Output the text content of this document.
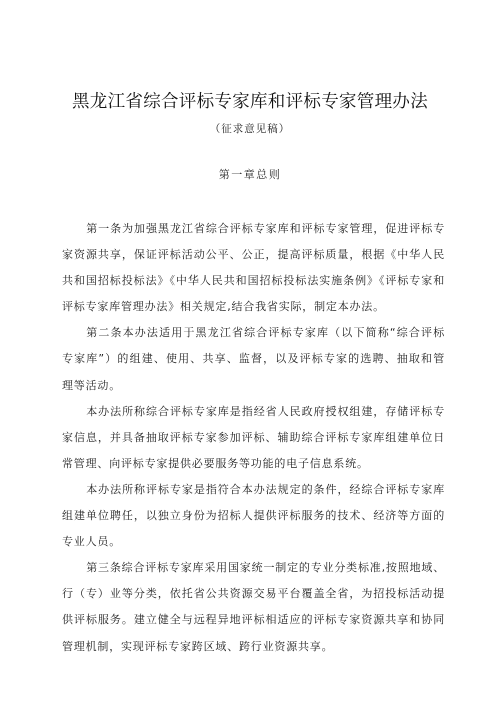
黑龙江省综合评标专家库和评标专家管理办法
（征求意见稿）
第一章总则

第一条为加强黑龙江省综合评标专家库和评标专家管理，促进评标专家资源共享，保证评标活动公平、公正，提高评标质量，根据《中华人民共和国招标投标法》《中华人民共和国招标投标法实施条例》《评标专家和评标专家库管理办法》相关规定,结合我省实际，制定本办法。

第二条本办法适用于黑龙江省综合评标专家库（以下简称“综合评标专家库”）的组建、使用、共享、监督，以及评标专家的选聘、抽取和管理等活动。

本办法所称综合评标专家库是指经省人民政府授权组建，存储评标专家信息，并具备抽取评标专家参加评标、辅助综合评标专家库组建单位日常管理、向评标专家提供必要服务等功能的电子信息系统。

本办法所称评标专家是指符合本办法规定的条件，经综合评标专家库组建单位聘任，以独立身份为招标人提供评标服务的技术、经济等方面的专业人员。

第三条综合评标专家库采用国家统一制定的专业分类标准,按照地域、行（专）业等分类，依托省公共资源交易平台覆盖全省，为招投标活动提供评标服务。建立健全与远程异地评标相适应的评标专家资源共享和协同管理机制，实现评标专家跨区域、跨行业资源共享。
